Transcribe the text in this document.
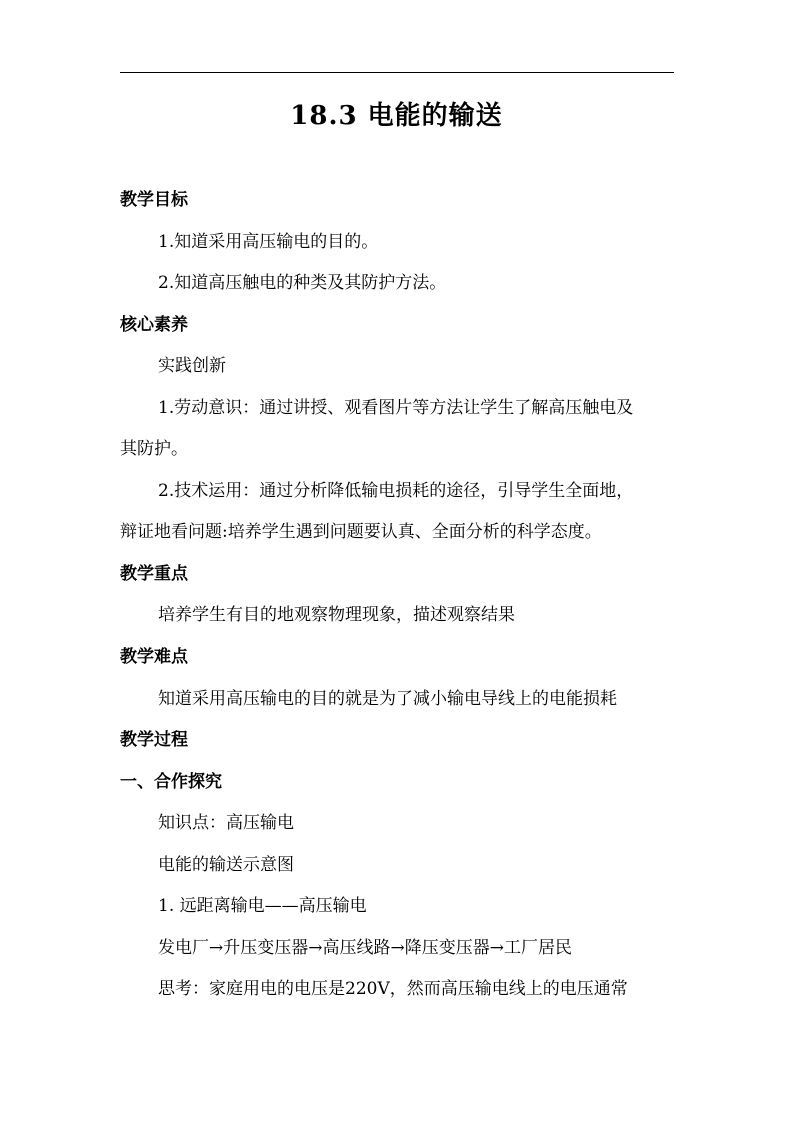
18.3 电能的输送
教学目标
1.知道采用高压输电的目的。
2.知道高压触电的种类及其防护方法。
核心素养
实践创新
1.劳动意识：通过讲授、观看图片等方法让学生了解高压触电及
其防护。
2.技术运用：通过分析降低输电损耗的途径，引导学生全面地，
辩证地看问题:培养学生遇到问题要认真、全面分析的科学态度。
教学重点
培养学生有目的地观察物理现象，描述观察结果
教学难点
知道采用高压输电的目的就是为了减小输电导线上的电能损耗
教学过程
一、合作探究
知识点：高压输电
电能的输送示意图
1. 远距离输电——高压输电
发电厂→升压变压器→高压线路→降压变压器→工厂居民
思考：家庭用电的电压是220V，然而高压输电线上的电压通常
